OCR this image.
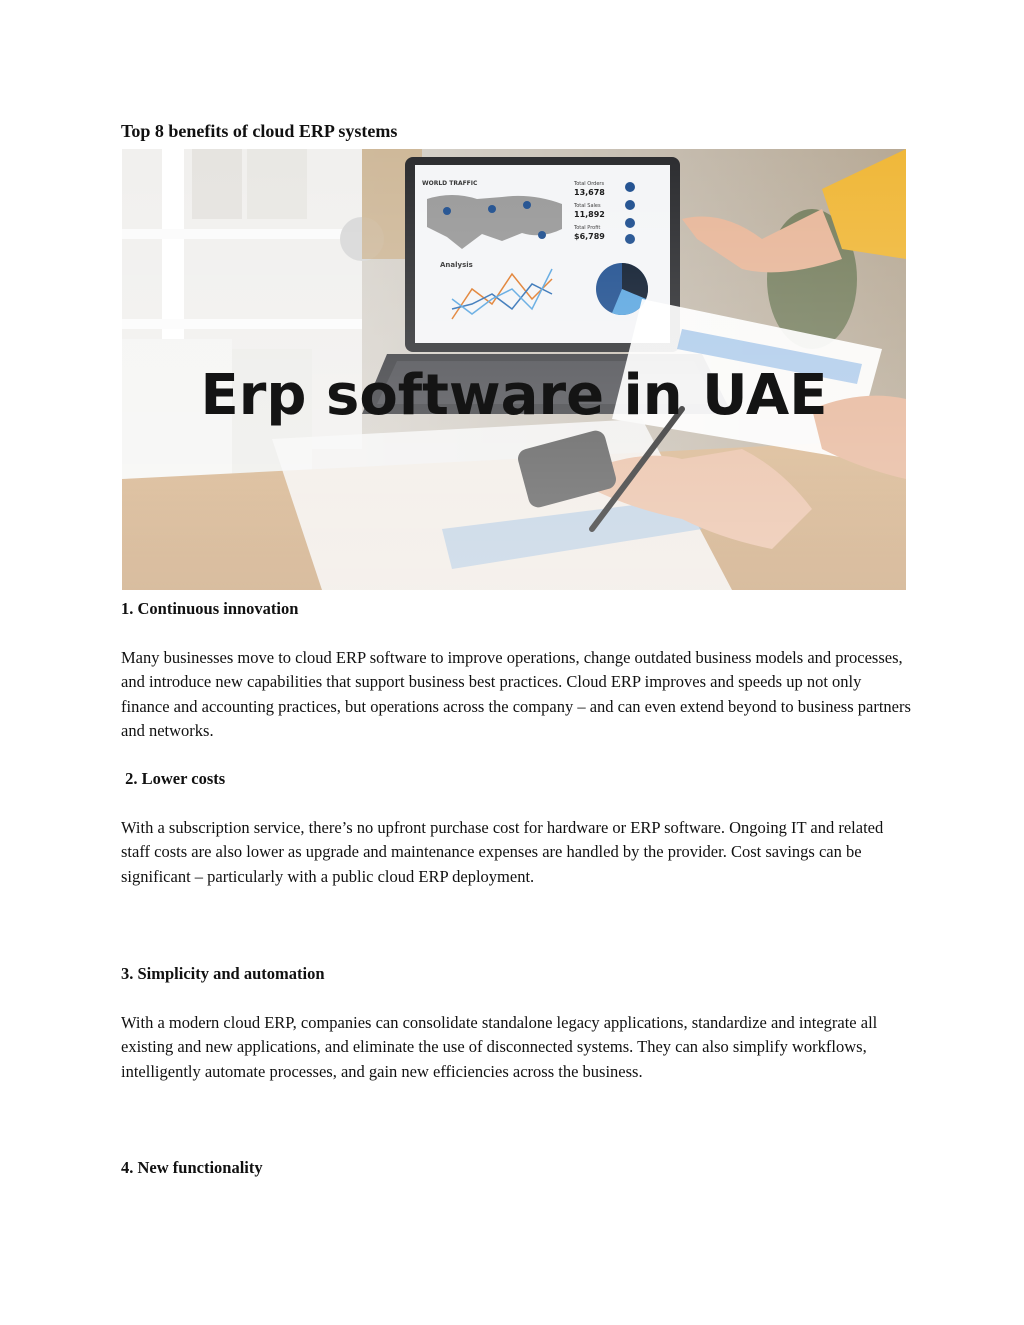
Top 8 benefits of cloud ERP systems
Erp software in UAE
1. Continuous innovation

Many businesses move to cloud ERP software to improve operations, change outdated business models and processes, and introduce new capabilities that support business best practices. Cloud ERP improves and speeds up not only finance and accounting practices, but operations across the company – and can even extend beyond to business partners and networks.

2. Lower costs

With a subscription service, there’s no upfront purchase cost for hardware or ERP software. Ongoing IT and related staff costs are also lower as upgrade and maintenance expenses are handled by the provider. Cost savings can be significant – particularly with a public cloud ERP deployment.

3. Simplicity and automation

With a modern cloud ERP, companies can consolidate standalone legacy applications, standardize and integrate all existing and new applications, and eliminate the use of disconnected systems. They can also simplify workflows, intelligently automate processes, and gain new efficiencies across the business.

4. New functionality
